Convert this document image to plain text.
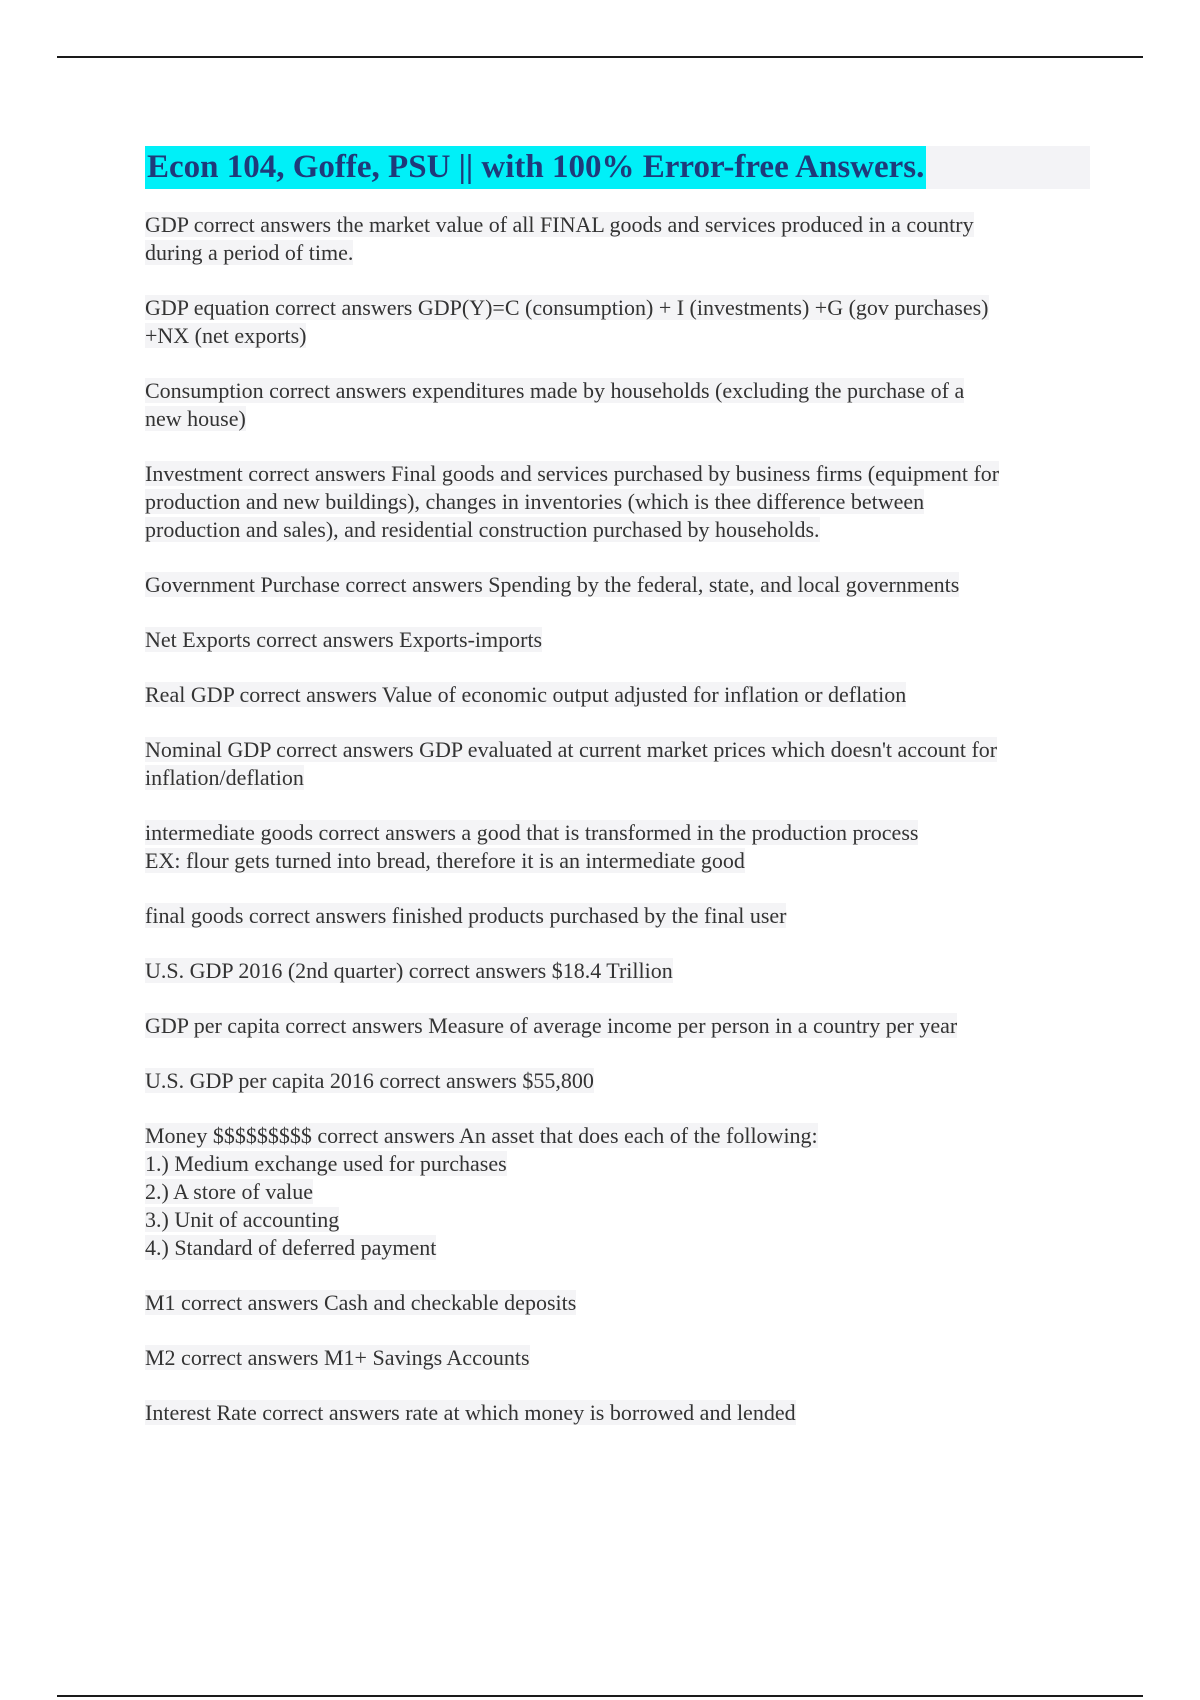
Econ 104, Goffe, PSU || with 100% Error-free Answers.
GDP correct answers the market value of all FINAL goods and services produced in a country
during a period of time.
GDP equation correct answers GDP(Y)=C (consumption) + I (investments) +G (gov purchases)
+NX (net exports)
Consumption correct answers expenditures made by households (excluding the purchase of a
new house)
Investment correct answers Final goods and services purchased by business firms (equipment for
production and new buildings), changes in inventories (which is thee difference between
production and sales), and residential construction purchased by households.
Government Purchase correct answers Spending by the federal, state, and local governments
Net Exports correct answers Exports-imports
Real GDP correct answers Value of economic output adjusted for inflation or deflation
Nominal GDP correct answers GDP evaluated at current market prices which doesn't account for
inflation/deflation
intermediate goods correct answers a good that is transformed in the production process
EX: flour gets turned into bread, therefore it is an intermediate good
final goods correct answers finished products purchased by the final user
U.S. GDP 2016 (2nd quarter) correct answers $18.4 Trillion
GDP per capita correct answers Measure of average income per person in a country per year
U.S. GDP per capita 2016 correct answers $55,800
Money $$$$$$$$$ correct answers An asset that does each of the following:
1.) Medium exchange used for purchases
2.) A store of value
3.) Unit of accounting
4.) Standard of deferred payment
M1 correct answers Cash and checkable deposits
M2 correct answers M1+ Savings Accounts
Interest Rate correct answers rate at which money is borrowed and lended
